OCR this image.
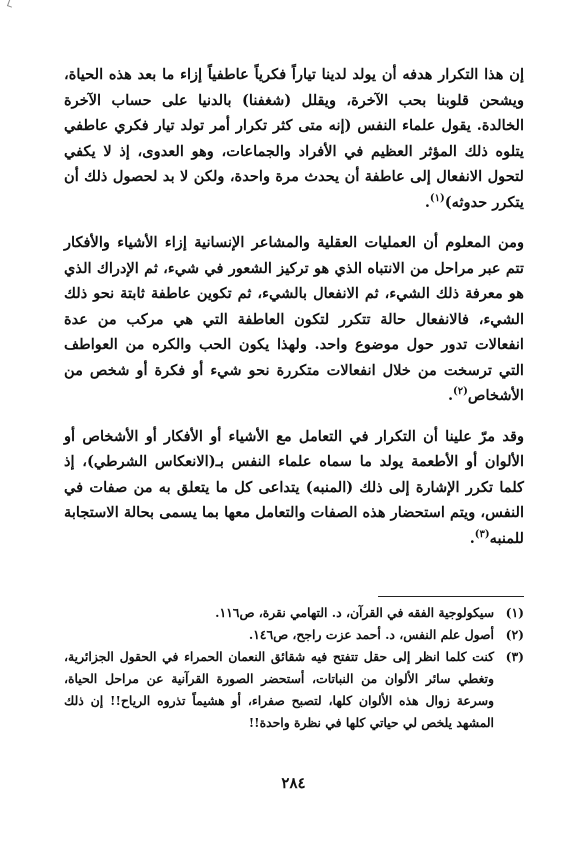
إن هذا التكرار هدفه أن يولد لدينا تياراً فكرياً عاطفياً إزاء ما بعد هذه الحياة، ويشحن قلوبنا بحب الآخرة، ويقلل (شغفنا) بالدنيا على حساب الآخرة الخالدة. يقول علماء النفس (إنه متى كثر تكرار أمر تولد تيار فكري عاطفي يتلوه ذلك المؤثر العظيم في الأفراد والجماعات، وهو العدوى، إذ لا يكفي لتحول الانفعال إلى عاطفة أن يحدث مرة واحدة، ولكن لا بد لحصول ذلك أن يتكرر حدوثه)$^{(١)}$.

ومن المعلوم أن العمليات العقلية والمشاعر الإنسانية إزاء الأشياء والأفكار تتم عبر مراحل من الانتباه الذي هو تركيز الشعور في شيء، ثم الإدراك الذي هو معرفة ذلك الشيء، ثم الانفعال بالشيء، ثم تكوين عاطفة ثابتة نحو ذلك الشيء، فالانفعال حالة تتكرر لتكون العاطفة التي هي مركب من عدة انفعالات تدور حول موضوع واحد. ولهذا يكون الحب والكره من العواطف التي ترسخت من خلال انفعالات متكررة نحو شيء أو فكرة أو شخص من الأشخاص$^{(٢)}$.

وقد مرّ علينا أن التكرار في التعامل مع الأشياء أو الأفكار أو الأشخاص أو الألوان أو الأطعمة يولد ما سماه علماء النفس بـ(الانعكاس الشرطي)، إذ كلما تكرر الإشارة إلى ذلك (المنبه) يتداعى كل ما يتعلق به من صفات في النفس، ويتم استحضار هذه الصفات والتعامل معها بما يسمى بحالة الاستجابة للمنبه$^{(٣)}$.

(١)
سيكولوجية الفقه في القرآن، د. التهامي نقرة، ص١١٦.
(٢)
أصول علم النفس، د. أحمد عزت راجح، ص١٤٦.
(٣)
كنت كلما انظر إلى حقل تتفتح فيه شقائق النعمان الحمراء في الحقول الجزائرية، وتغطي سائر الألوان من النباتات، أستحضر الصورة القرآنية عن مراحل الحياة، وسرعة زوال هذه الألوان كلها، لتصبح صفراء، أو هشيماً تذروه الرياح!! إن ذلك المشهد يلخص لي حياتي كلها في نظرة واحدة!!
٢٨٤
